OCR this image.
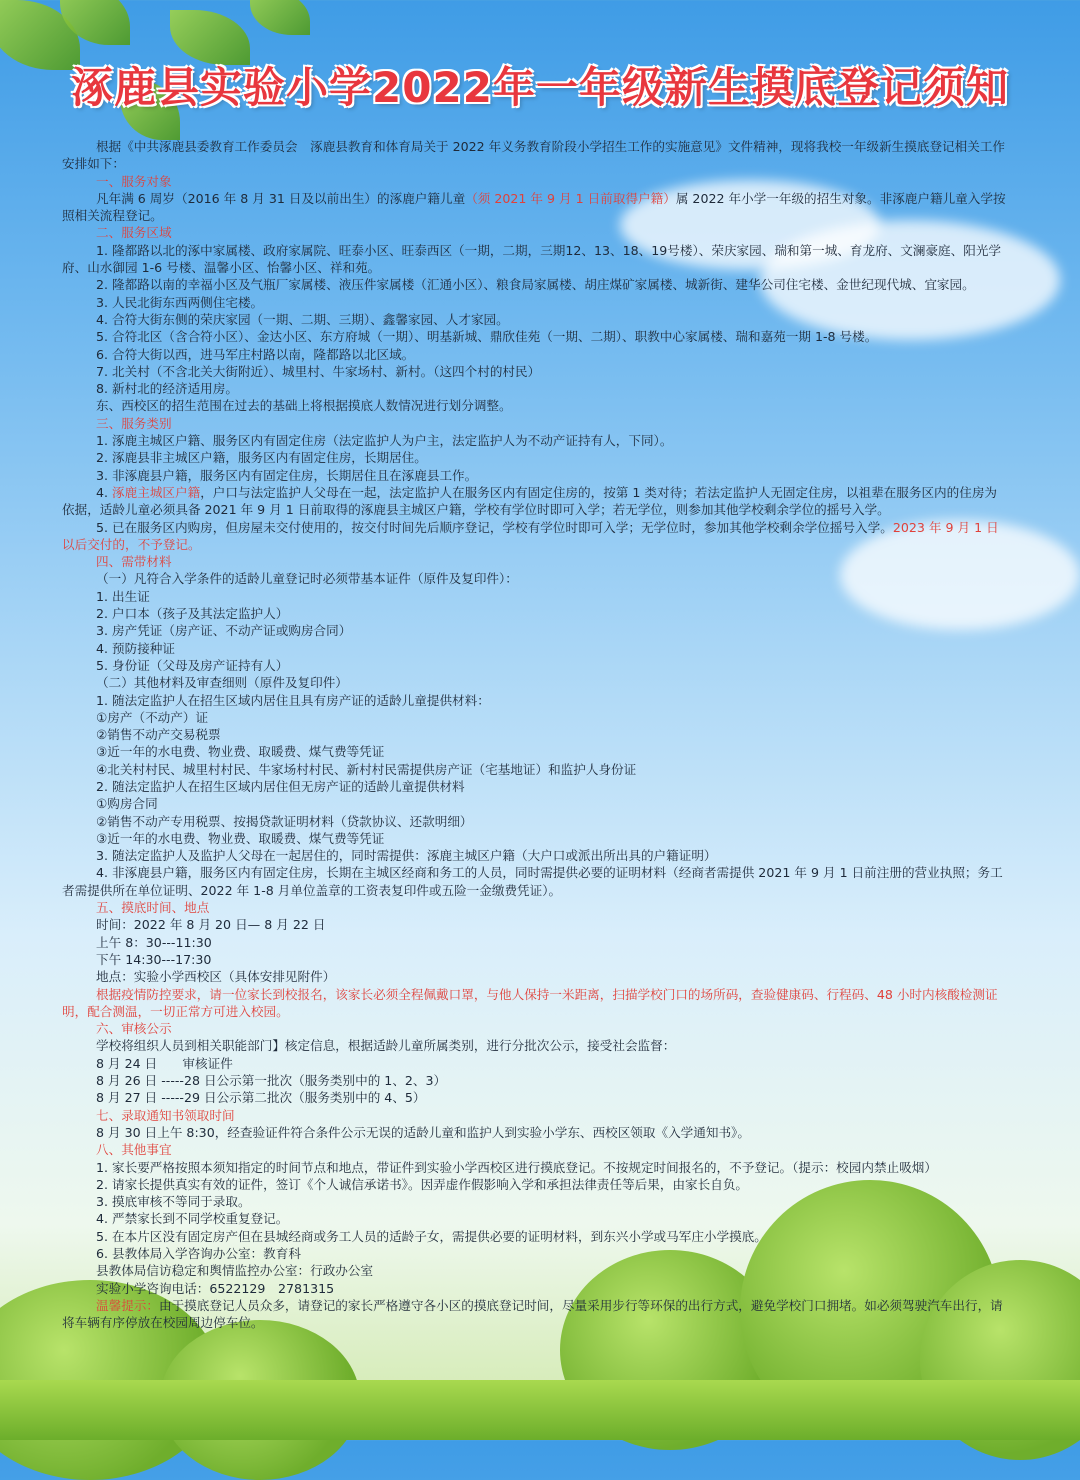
涿鹿县实验小学2022年一年级新生摸底登记须知

根据《中共涿鹿县委教育工作委员会　涿鹿县教育和体育局关于 2022 年义务教育阶段小学招生工作的实施意见》文件精神，现将我校一年级新生摸底登记相关工作安排如下：

一、服务对象

凡年满 6 周岁（2016 年 8 月 31 日及以前出生）的涿鹿户籍儿童（须 2021 年 9 月 1 日前取得户籍）属 2022 年小学一年级的招生对象。非涿鹿户籍儿童入学按照相关流程登记。

二、服务区域

1. 隆都路以北的涿中家属楼、政府家属院、旺泰小区、旺泰西区（一期，二期，三期12、13、18、19号楼）、荣庆家园、瑞和第一城、育龙府、文澜豪庭、阳光学府、山水御园 1-6 号楼、温馨小区、怡馨小区、祥和苑。

2. 隆都路以南的幸福小区及气瓶厂家属楼、液压件家属楼（汇通小区）、粮食局家属楼、胡庄煤矿家属楼、城新街、建华公司住宅楼、金世纪现代城、宜家园。

3. 人民北街东西两侧住宅楼。

4. 合符大街东侧的荣庆家园（一期、二期、三期）、鑫馨家园、人才家园。

5. 合符北区（含合符小区）、金达小区、东方府城（一期）、明基新城、鼎欣佳苑（一期、二期）、职教中心家属楼、瑞和嘉苑一期 1-8 号楼。

6. 合符大街以西，进马军庄村路以南，隆都路以北区域。

7. 北关村（不含北关大街附近）、城里村、牛家场村、新村。（这四个村的村民）

8. 新村北的经济适用房。

东、西校区的招生范围在过去的基础上将根据摸底人数情况进行划分调整。

三、服务类别

1. 涿鹿主城区户籍、服务区内有固定住房（法定监护人为户主，法定监护人为不动产证持有人，下同）。

2. 涿鹿县非主城区户籍，服务区内有固定住房，长期居住。

3. 非涿鹿县户籍，服务区内有固定住房，长期居住且在涿鹿县工作。

4. 涿鹿主城区户籍，户口与法定监护人父母在一起，法定监护人在服务区内有固定住房的，按第 1 类对待；若法定监护人无固定住房，以祖辈在服务区内的住房为依据，适龄儿童必须具备 2021 年 9 月 1 日前取得的涿鹿县主城区户籍，学校有学位时即可入学；若无学位，则参加其他学校剩余学位的摇号入学。

5. 已在服务区内购房，但房屋未交付使用的，按交付时间先后顺序登记，学校有学位时即可入学；无学位时，参加其他学校剩余学位摇号入学。2023 年 9 月 1 日以后交付的，不予登记。

四、需带材料

（一）凡符合入学条件的适龄儿童登记时必须带基本证件（原件及复印件）：

1. 出生证

2. 户口本（孩子及其法定监护人）

3. 房产凭证（房产证、不动产证或购房合同）

4. 预防接种证

5. 身份证（父母及房产证持有人）

（二）其他材料及审查细则（原件及复印件）

1. 随法定监护人在招生区域内居住且具有房产证的适龄儿童提供材料：

①房产（不动产）证

②销售不动产交易税票

③近一年的水电费、物业费、取暖费、煤气费等凭证

④北关村村民、城里村村民、牛家场村村民、新村村民需提供房产证（宅基地证）和监护人身份证

2. 随法定监护人在招生区域内居住但无房产证的适龄儿童提供材料

①购房合同

②销售不动产专用税票、按揭贷款证明材料（贷款协议、还款明细）

③近一年的水电费、物业费、取暖费、煤气费等凭证

3. 随法定监护人及监护人父母在一起居住的，同时需提供：涿鹿主城区户籍（大户口或派出所出具的户籍证明）

4. 非涿鹿县户籍，服务区内有固定住房，长期在主城区经商和务工的人员，同时需提供必要的证明材料（经商者需提供 2021 年 9 月 1 日前注册的营业执照；务工者需提供所在单位证明、2022 年 1-8 月单位盖章的工资表复印件或五险一金缴费凭证）。

五、摸底时间、地点

时间：2022 年 8 月 20 日— 8 月 22 日

上午 8：30---11:30

下午 14:30---17:30

地点：实验小学西校区（具体安排见附件）

根据疫情防控要求，请一位家长到校报名，该家长必须全程佩戴口罩，与他人保持一米距离，扫描学校门口的场所码，查验健康码、行程码、48 小时内核酸检测证明，配合测温，一切正常方可进入校园。

六、审核公示

学校将组织人员到相关职能部门】核定信息，根据适龄儿童所属类别，进行分批次公示，接受社会监督：

8 月 24 日　　审核证件

8 月 26 日 -----28 日公示第一批次（服务类别中的 1、2、3）

8 月 27 日 -----29 日公示第二批次（服务类别中的 4、5）

七、录取通知书领取时间

8 月 30 日上午 8:30，经查验证件符合条件公示无误的适龄儿童和监护人到实验小学东、西校区领取《入学通知书》。

八、其他事宜

1. 家长要严格按照本须知指定的时间节点和地点，带证件到实验小学西校区进行摸底登记。不按规定时间报名的，不予登记。（提示：校园内禁止吸烟）

2. 请家长提供真实有效的证件，签订《个人诚信承诺书》。因弄虚作假影响入学和承担法律责任等后果，由家长自负。

3. 摸底审核不等同于录取。

4. 严禁家长到不同学校重复登记。

5. 在本片区没有固定房产但在县城经商或务工人员的适龄子女，需提供必要的证明材料，到东兴小学或马军庄小学摸底。

6. 县教体局入学咨询办公室：教育科

县教体局信访稳定和舆情监控办公室：行政办公室

实验小学咨询电话：6522129　2781315

温馨提示：由于摸底登记人员众多，请登记的家长严格遵守各小区的摸底登记时间，尽量采用步行等环保的出行方式，避免学校门口拥堵。如必须驾驶汽车出行，请将车辆有序停放在校园周边停车位。
